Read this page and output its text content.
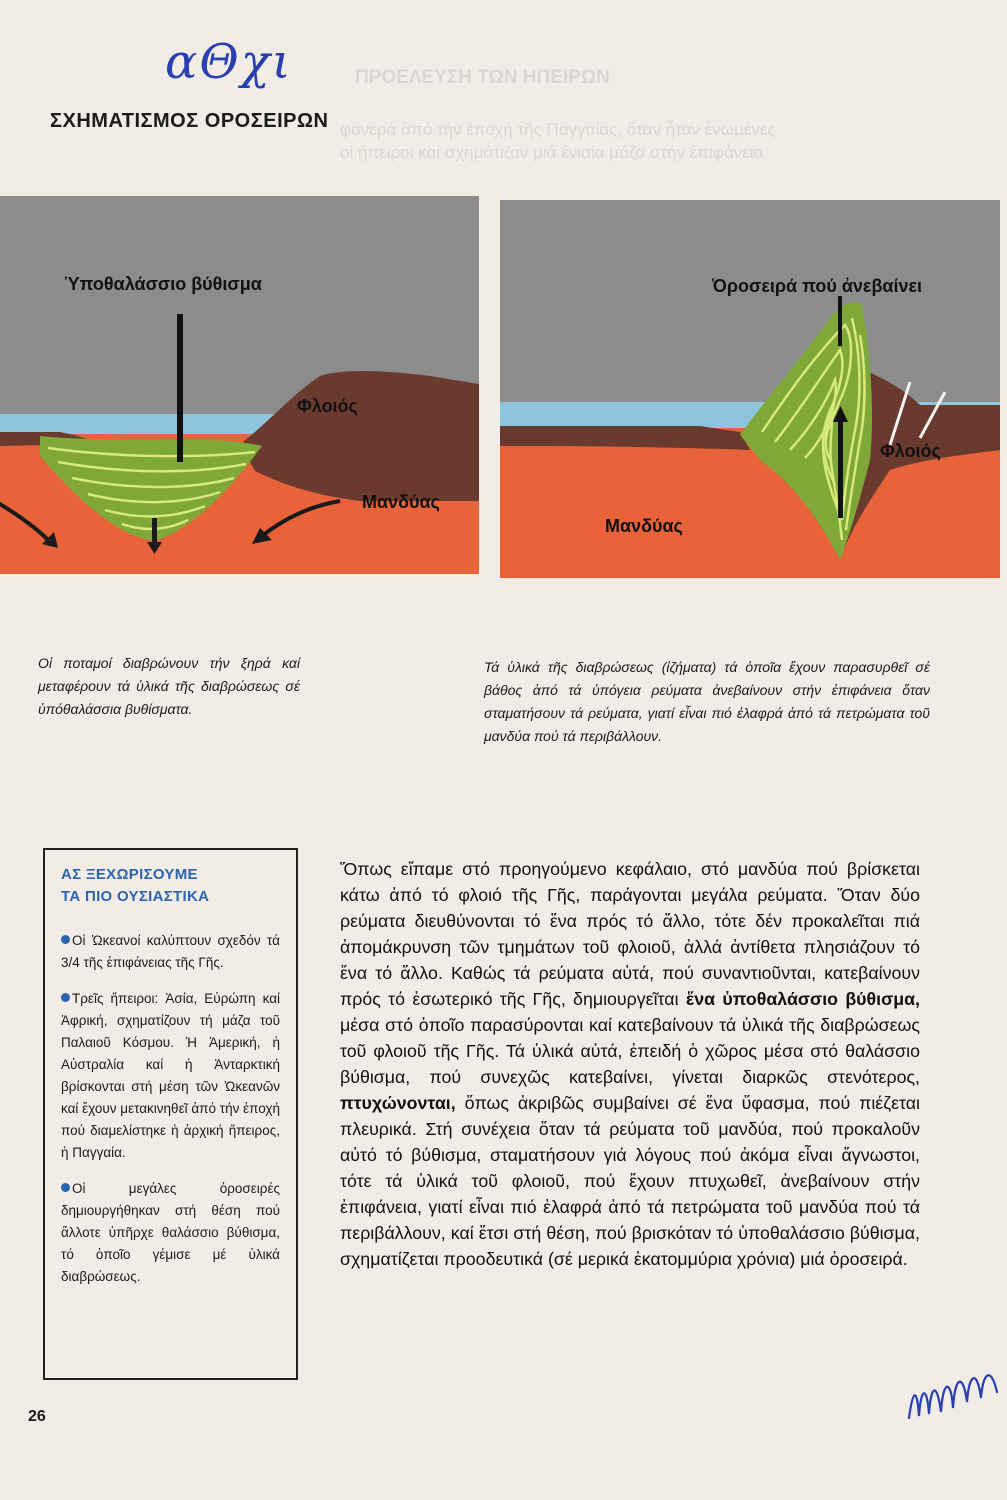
αΘχι	ΠΡΟΕΛΕΥΣΗ ΤΩΝ ΗΠΕΙΡΩΝ
φανερά ἀπό τήν ἐποχή τῆς Παγγαίας, ὅταν ἦταν ἑνωμένες
οἱ ἤπειροι καί σχημάτιζαν μιά ἑνιαία μάζα στήν ἐπιφάνεια
ΣΧΗΜΑΤΙΣΜΟΣ ΟΡΟΣΕΙΡΩΝ
Ὑποθαλάσσιο βύθισμα
Φλοιός
Μανδύας
Ὀροσειρά πού ἀνεβαίνει
Φλοιός
Μανδύας
Οἱ ποταμοί διαβρώνουν τήν ξηρά καί μεταφέρουν τά ὑλικά τῆς διαβρώσεως σέ ὑπόθαλάσσια βυθίσματα.
Τά ὑλικά τῆς διαβρώσεως (ἰζήματα) τά ὁποῖα ἔχουν παρασυρθεῖ σέ βάθος ἀπό τά ὑπόγεια ρεύματα ἀνεβαίνουν στήν ἐπιφάνεια ὅταν σταματήσουν τά ρεύματα, γιατί εἶναι πιό ἐλαφρά ἀπό τά πετρώματα τοῦ μανδύα πού τά περιβάλλουν.
ΑΣ ΞΕΧΩΡΙΣΟΥΜΕ
ΤΑ ΠΙΟ ΟΥΣΙΑΣΤΙΚΑ
Οἱ Ὠκεανοί καλύπτουν σχεδόν τά 3/4 τῆς ἐπιφάνειας τῆς Γῆς.
Τρεῖς ἤπειροι: Ἀσία, Εὐρώπη καί Ἀφρική, σχηματίζουν τή μάζα τοῦ Παλαιοῦ Κόσμου. Ἡ Ἀμερική, ἡ Αὐστραλία καί ἡ Ἀνταρκτική βρίσκονται στή μέση τῶν Ὠκεανῶν καί ἔχουν μετακινηθεῖ ἀπό τήν ἐποχή πού διαμελίστηκε ἡ ἀρχική ἤπειρος, ἡ Παγγαία.
Οἱ μεγάλες ὀροσειρές δημιουργήθηκαν στή θέση πού ἄλλοτε ὑπῆρχε θαλάσσιο βύθισμα, τό ὁποῖο γέμισε μέ ὑλικά διαβρώσεως.
Ὅπως εἴπαμε στό προηγούμενο κεφάλαιο, στό μανδύα πού βρίσκεται κάτω ἀπό τό φλοιό τῆς Γῆς, παράγονται μεγάλα ρεύματα. Ὅταν δύο ρεύματα διευθύνονται τό ἕνα πρός τό ἄλλο, τότε δέν προκαλεῖται πιά ἀπομάκρυνση τῶν τμημάτων τοῦ φλοιοῦ, ἀλλά ἀντίθετα πλησιάζουν τό ἕνα τό ἄλλο. Καθώς τά ρεύματα αὐτά, πού συναντιοῦνται, κατεβαίνουν πρός τό ἐσωτερικό τῆς Γῆς, δημιουργεῖται ἕνα ὑποθαλάσσιο βύθισμα, μέσα στό ὁποῖο παρασύρονται καί κατεβαίνουν τά ὑλικά τῆς διαβρώσεως τοῦ φλοιοῦ τῆς Γῆς. Τά ὑλικά αὐτά, ἐπειδή ὁ χῶρος μέσα στό θαλάσσιο βύθισμα, πού συνεχῶς κατεβαίνει, γίνεται διαρκῶς στενότερος, πτυχώνονται, ὅπως ἀκριβῶς συμβαίνει σέ ἕνα ὕφασμα, πού πιέζεται πλευρικά. Στή συνέχεια ὅταν τά ρεύματα τοῦ μανδύα, πού προκαλοῦν αὐτό τό βύθισμα, σταματήσουν γιά λόγους πού ἀκόμα εἶναι ἄγνωστοι, τότε τά ὑλικά τοῦ φλοιοῦ, πού ἔχουν πτυχωθεῖ, ἀνεβαίνουν στήν ἐπιφάνεια, γιατί εἶναι πιό ἐλαφρά ἀπό τά πετρώματα τοῦ μανδύα πού τά περιβάλλουν, καί ἔτσι στή θέση, πού βρισκόταν τό ὑποθαλάσσιο βύθισμα, σχηματίζεται προοδευτικά (σέ μερικά ἑκατομμύρια χρόνια) μιά ὀροσειρά.
26
